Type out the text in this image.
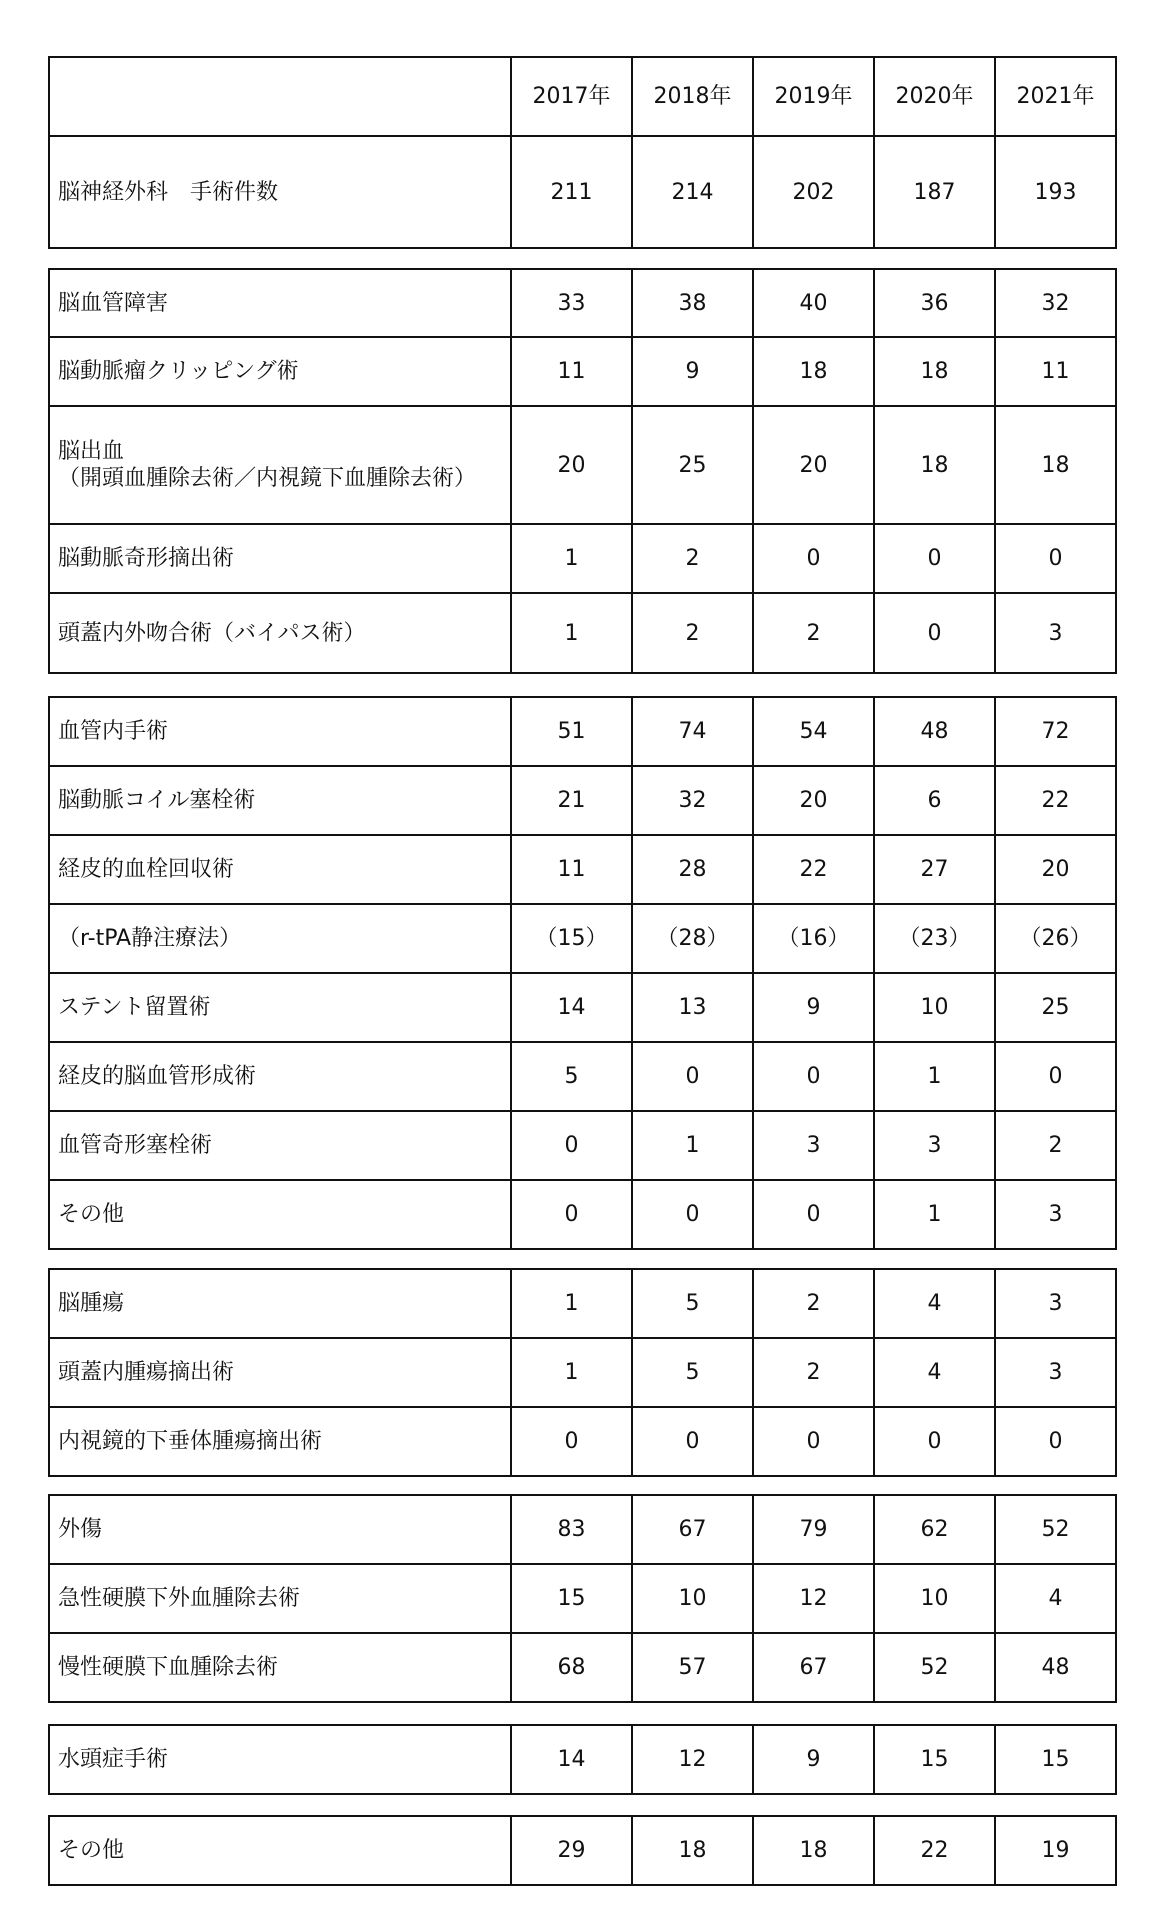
	2017年	2018年	2019年	2020年	2021年
脳神経外科　手術件数	211	214	202	187	193
脳血管障害	33	38	40	36	32
脳動脈瘤クリッピング術	11	9	18	18	11
脳出血
（開頭血腫除去術／内視鏡下血腫除去術）	20	25	20	18	18
脳動脈奇形摘出術	1	2	0	0	0
頭蓋内外吻合術（バイパス術）	1	2	2	0	3
血管内手術	51	74	54	48	72
脳動脈コイル塞栓術	21	32	20	6	22
経皮的血栓回収術	11	28	22	27	20
（r-tPA静注療法）	（15）	（28）	（16）	（23）	（26）
ステント留置術	14	13	9	10	25
経皮的脳血管形成術	5	0	0	1	0
血管奇形塞栓術	0	1	3	3	2
その他	0	0	0	1	3
脳腫瘍	1	5	2	4	3
頭蓋内腫瘍摘出術	1	5	2	4	3
内視鏡的下垂体腫瘍摘出術	0	0	0	0	0
外傷	83	67	79	62	52
急性硬膜下外血腫除去術	15	10	12	10	4
慢性硬膜下血腫除去術	68	57	67	52	48
水頭症手術	14	12	9	15	15
その他	29	18	18	22	19
